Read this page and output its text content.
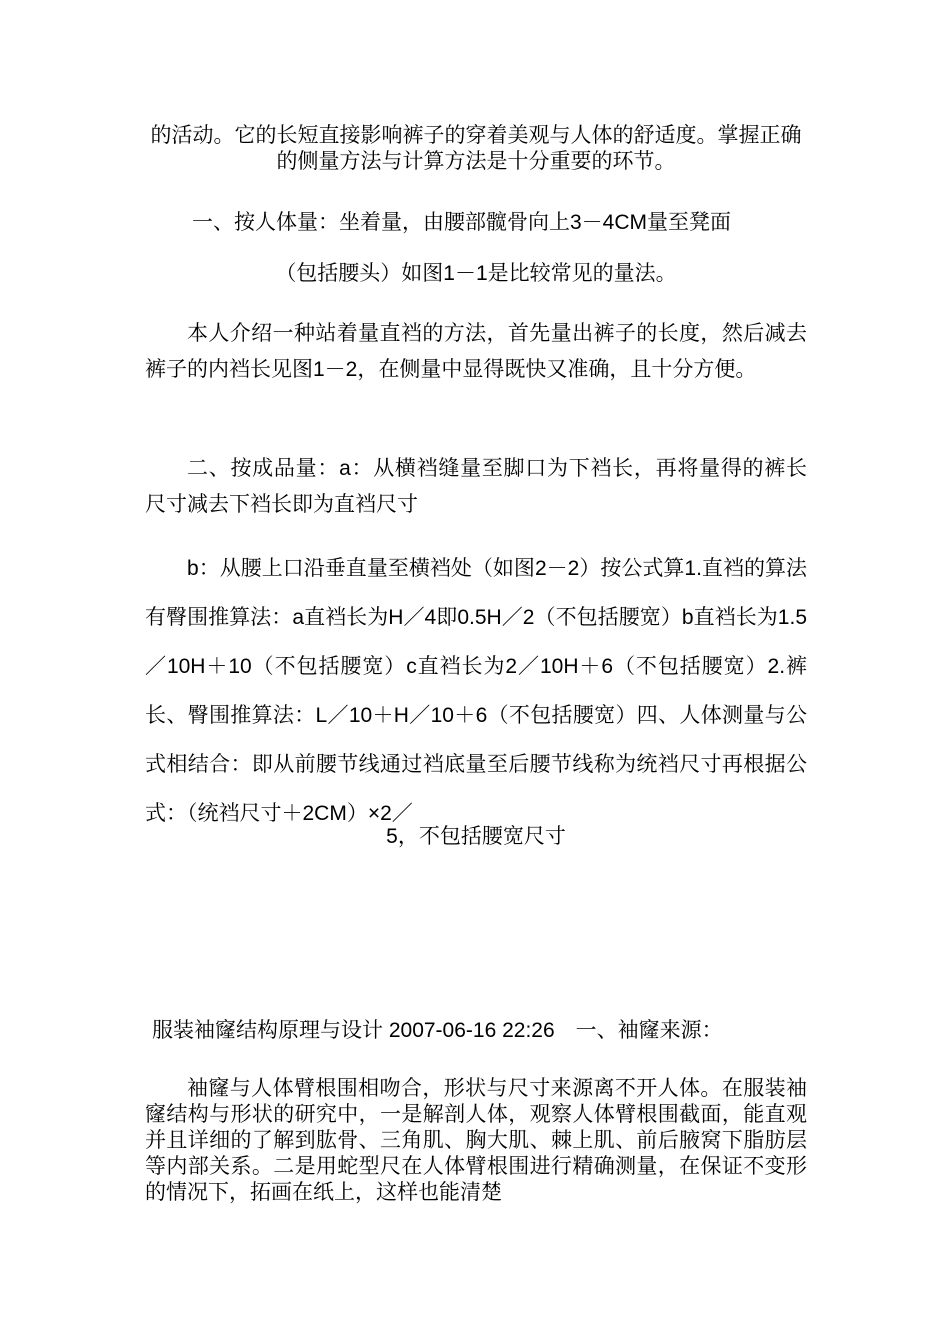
的活动。它的长短直接影响裤子的穿着美观与人体的舒适度。掌握正确的侧量方法与计算方法是十分重要的环节。

一、按人体量：坐着量，由腰部髋骨向上3－4CM量至凳面

（包括腰头）如图1－1是比较常见的量法。

本人介绍一种站着量直裆的方法，首先量出裤子的长度，然后减去裤子的内裆长见图1－2，在侧量中显得既快又准确，且十分方便。

二、按成品量：a：从横裆缝量至脚口为下裆长，再将量得的裤长尺寸减去下裆长即为直裆尺寸

b：从腰上口沿垂直量至横裆处（如图2－2）按公式算1.直裆的算法有臀围推算法：a直裆长为H／4即0.5H／2（不包括腰宽）b直裆长为1.5／10H＋10（不包括腰宽）c直裆长为2／10H＋6（不包括腰宽）2.裤长、臀围推算法：L／10＋H／10＋6（不包括腰宽）四、人体测量与公式相结合：即从前腰节线通过裆底量至后腰节线称为统裆尺寸再根据公式：（统裆尺寸＋2CM）×2／

5，不包括腰宽尺寸

服装袖窿结构原理与设计 2007-06-16 22:26　一、袖窿来源：

袖窿与人体臂根围相吻合，形状与尺寸来源离不开人体。在服装袖窿结构与形状的研究中，一是解剖人体，观察人体臂根围截面，能直观并且详细的了解到肱骨、三角肌、胸大肌、棘上肌、前后腋窝下脂肪层等内部关系。二是用蛇型尺在人体臂根围进行精确测量，在保证不变形的情况下，拓画在纸上，这样也能清楚
